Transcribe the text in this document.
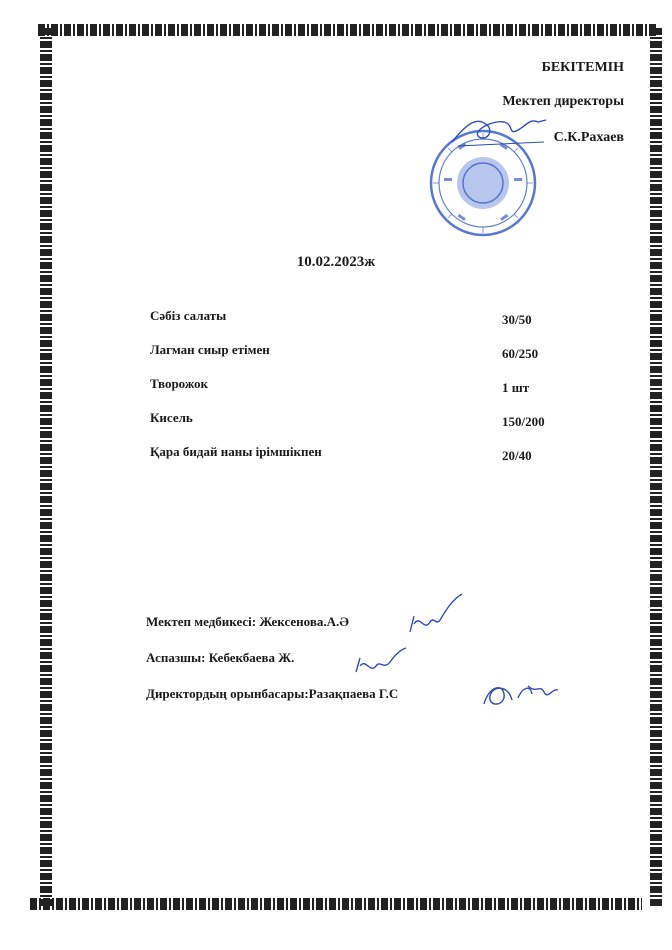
БЕКІТЕМІН
Мектеп директоры
С.К.Рахаев
10.02.2023ж
Сәбіз салаты	30/50
Лагман сиыр етімен	60/250
Творожок	1 шт
Кисель	150/200
Қара бидай наны ірімшікпен	20/40
Мектеп медбикесі: Жексенова.А.Ә
Аспазшы: Кебекбаева Ж.
Директордың орынбасары:Разақпаева Г.С
